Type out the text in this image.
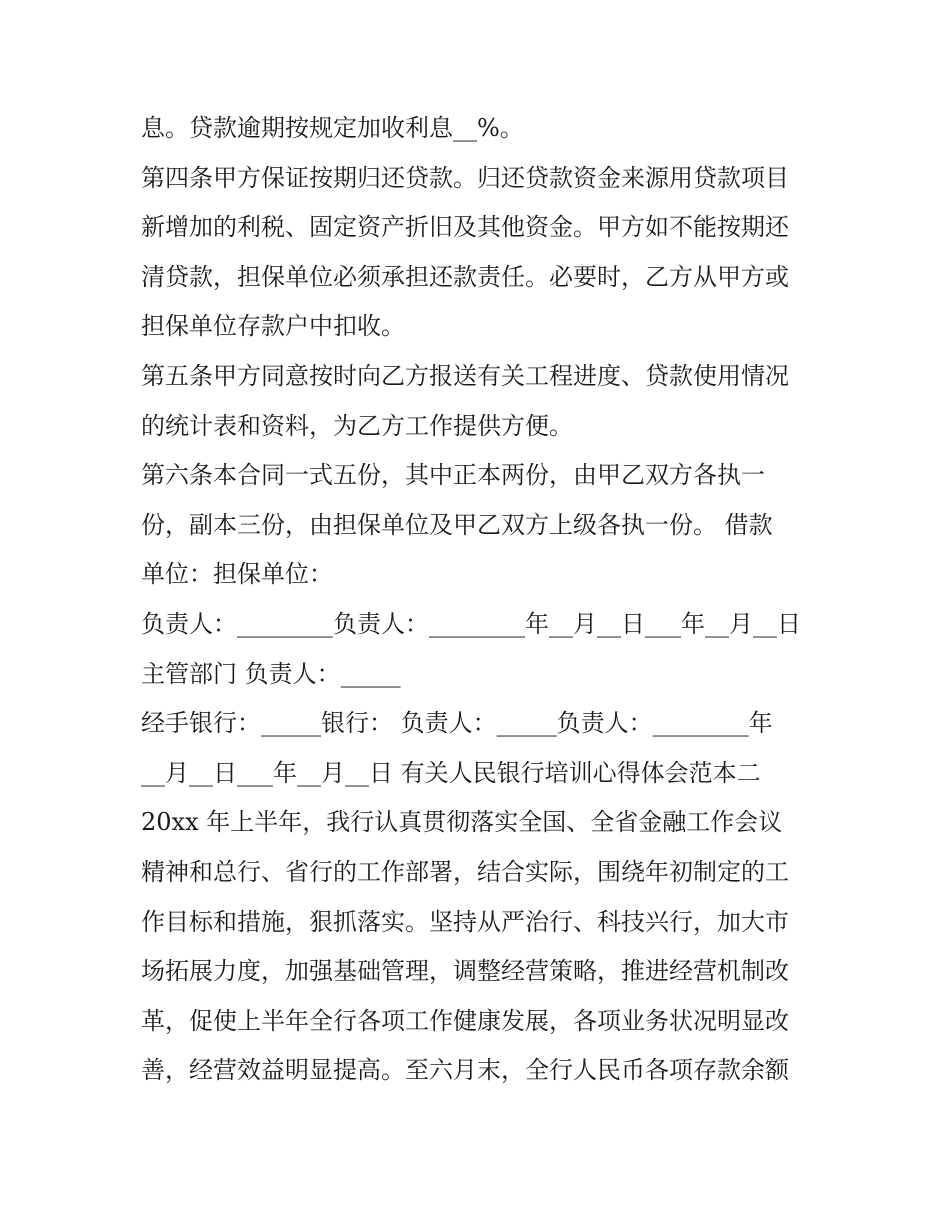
息。贷款逾期按规定加收利息__%。
第四条甲方保证按期归还贷款。归还贷款资金来源用贷款项目
新增加的利税、固定资产折旧及其他资金。甲方如不能按期还
清贷款，担保单位必须承担还款责任。必要时，乙方从甲方或
担保单位存款户中扣收。
第五条甲方同意按时向乙方报送有关工程进度、贷款使用情况
的统计表和资料，为乙方工作提供方便。
第六条本合同一式五份，其中正本两份，由甲乙双方各执一
份，副本三份，由担保单位及甲乙双方上级各执一份。 借款
单位：担保单位：
负责人：________负责人：________年__月__日___年__月__日
主管部门 负责人：_____
经手银行：_____银行： 负责人：_____负责人：________年
__月__日___年__月__日 有关人民银行培训心得体会范本二
20xx 年上半年，我行认真贯彻落实全国、全省金融工作会议
精神和总行、省行的工作部署，结合实际，围绕年初制定的工
作目标和措施，狠抓落实。坚持从严治行、科技兴行，加大市
场拓展力度，加强基础管理，调整经营策略，推进经营机制改
革，促使上半年全行各项工作健康发展，各项业务状况明显改
善，经营效益明显提高。至六月末，全行人民币各项存款余额
